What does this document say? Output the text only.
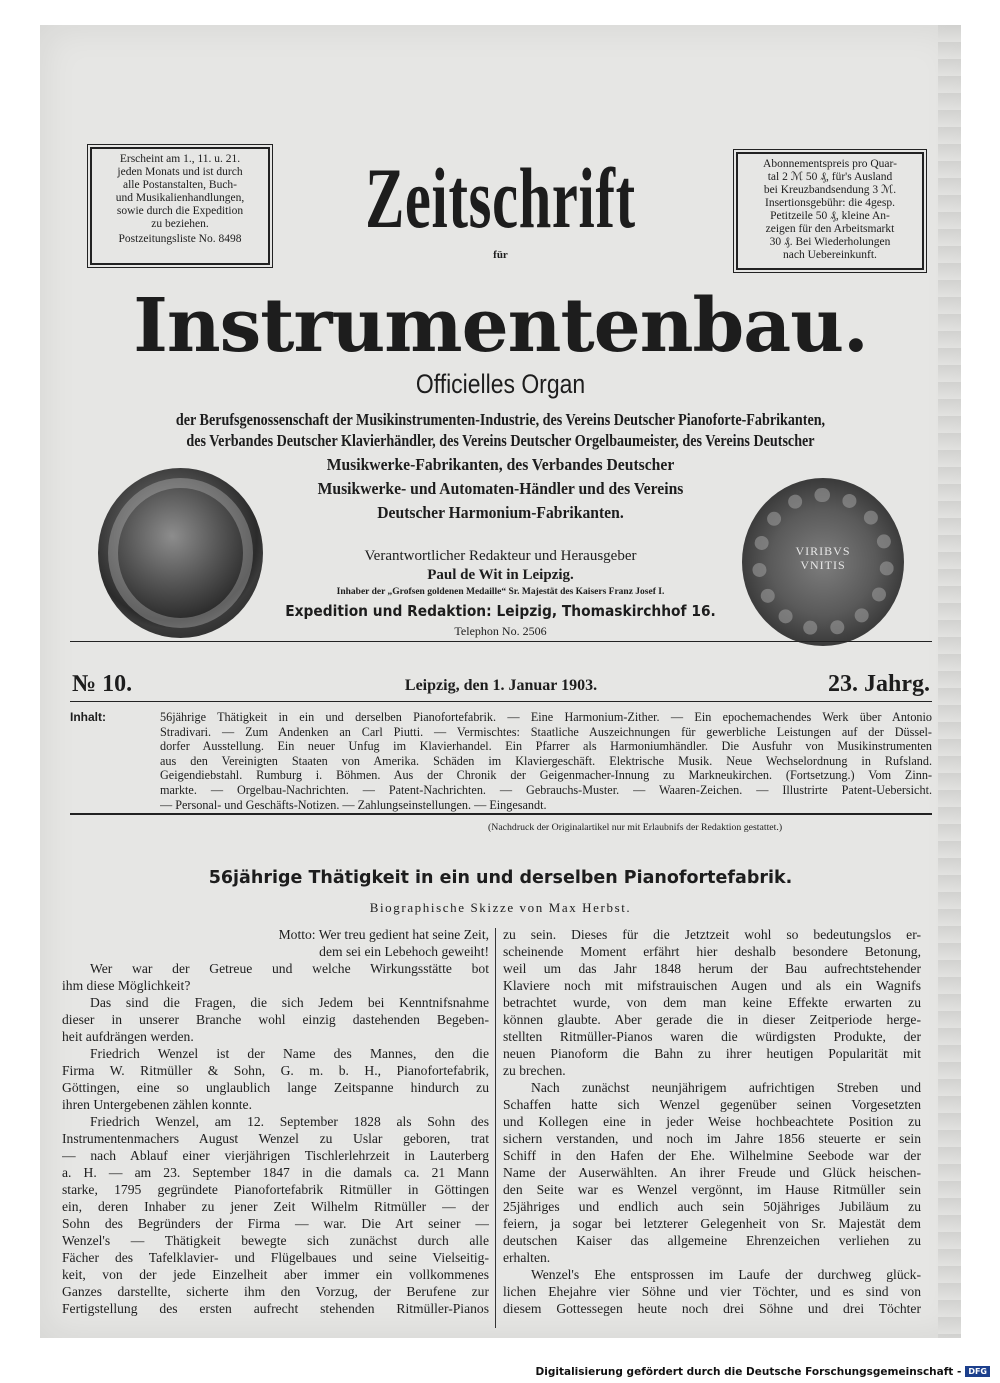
Erscheint am 1., 11. u. 21.
jeden Monats und ist durch
alle Postanstalten, Buch-
und Musikalienhandlungen,
sowie durch die Expedition
zu beziehen.
Postzeitungsliste No. 8498
Abonnementspreis pro Quar-
tal 2 ℳ 50 ₰, für's Ausland
bei Kreuzbandsendung 3 ℳ.
Insertionsgebühr: die 4gesp.
Petitzeile 50 ₰, kleine An-
zeigen für den Arbeitsmarkt
30 ₰. Bei Wiederholungen
nach Uebereinkunft.
Zeitschrift
für
Instrumentenbau.
Officielles Organ
der Berufsgenossenschaft der Musikinstrumenten-Industrie, des Vereins Deutscher Pianoforte-Fabrikanten,
des Verbandes Deutscher Klavierhändler, des Vereins Deutscher Orgelbaumeister, des Vereins Deutscher
Musikwerke-Fabrikanten, des Verbandes Deutscher
Musikwerke- und Automaten-Händler und des Vereins
Deutscher Harmonium-Fabrikanten.
VIRIBVS
VNITIS
Verantwortlicher Redakteur und Herausgeber
Paul de Wit in Leipzig.
Inhaber der „Grofsen goldenen Medaille“ Sr. Majestät des Kaisers Franz Josef I.
Expedition und Redaktion: Leipzig, Thomaskirchhof 16.
Telephon No. 2506
№ 10.	Leipzig, den 1. Januar 1903.	23. Jahrg.
Inhalt:	56jährige Thätigkeit in ein und derselben Pianofortefabrik. — Eine Harmonium-Zither. — Ein epochemachendes Werk über Antonio
Stradivari. — Zum Andenken an Carl Piutti. — Vermischtes: Staatliche Auszeichnungen für gewerbliche Leistungen auf der Düssel-
dorfer Ausstellung. Ein neuer Unfug im Klavierhandel. Ein Pfarrer als Harmoniumhändler. Die Ausfuhr von Musikinstrumenten
aus den Vereinigten Staaten von Amerika. Schäden im Klaviergeschäft. Elektrische Musik. Neue Wechselordnung in Rufsland.
Geigendiebstahl. Rumburg i. Böhmen. Aus der Chronik der Geigenmacher-Innung zu Markneukirchen. (Fortsetzung.) Vom Zinn-
markte. — Orgelbau-Nachrichten. — Patent-Nachrichten. — Gebrauchs-Muster. — Waaren-Zeichen. — Illustrirte Patent-Uebersicht.
— Personal- und Geschäfts-Notizen. — Zahlungseinstellungen. — Eingesandt.
(Nachdruck der Originalartikel nur mit Erlaubnifs der Redaktion gestattet.)
56jährige Thätigkeit in ein und derselben Pianofortefabrik.
Biographische Skizze von Max Herbst.
Motto: Wer treu gedient hat seine Zeit,
dem sei ein Lebehoch geweiht!
Wer war der Getreue und welche Wirkungsstätte bot
ihm diese Möglichkeit?
Das sind die Fragen, die sich Jedem bei Kenntnifsnahme
dieser in unserer Branche wohl einzig dastehenden Begeben-
heit aufdrängen werden.
Friedrich Wenzel ist der Name des Mannes, den die
Firma W. Ritmüller & Sohn, G. m. b. H., Pianofortefabrik,
Göttingen, eine so unglaublich lange Zeitspanne hindurch zu
ihren Untergebenen zählen konnte.
Friedrich Wenzel, am 12. September 1828 als Sohn des
Instrumentenmachers August Wenzel zu Uslar geboren, trat
— nach Ablauf einer vierjährigen Tischlerlehrzeit in Lauterberg
a. H. — am 23. September 1847 in die damals ca. 21 Mann
starke, 1795 gegründete Pianofortefabrik Ritmüller in Göttingen
ein, deren Inhaber zu jener Zeit Wilhelm Ritmüller — der
Sohn des Begründers der Firma — war. Die Art seiner —
Wenzel's — Thätigkeit bewegte sich zunächst durch alle
Fächer des Tafelklavier- und Flügelbaues und seine Vielseitig-
keit, von der jede Einzelheit aber immer ein vollkommenes
Ganzes darstellte, sicherte ihm den Vorzug, der Berufene zur
Fertigstellung des ersten aufrecht stehenden Ritmüller-Pianos
zu sein. Dieses für die Jetztzeit wohl so bedeutungslos er-
scheinende Moment erfährt hier deshalb besondere Betonung,
weil um das Jahr 1848 herum der Bau aufrechtstehender
Klaviere noch mit mifstrauischen Augen und als ein Wagnifs
betrachtet wurde, von dem man keine Effekte erwarten zu
können glaubte. Aber gerade die in dieser Zeitperiode herge-
stellten Ritmüller-Pianos waren die würdigsten Produkte, der
neuen Pianoform die Bahn zu ihrer heutigen Popularität mit
zu brechen.
Nach zunächst neunjährigem aufrichtigen Streben und
Schaffen hatte sich Wenzel gegenüber seinen Vorgesetzten
und Kollegen eine in jeder Weise hochbeachtete Position zu
sichern verstanden, und noch im Jahre 1856 steuerte er sein
Schiff in den Hafen der Ehe. Wilhelmine Seebode war der
Name der Auserwählten. An ihrer Freude und Glück heischen-
den Seite war es Wenzel vergönnt, im Hause Ritmüller sein
25jähriges und endlich auch sein 50jähriges Jubiläum zu
feiern, ja sogar bei letzterer Gelegenheit von Sr. Majestät dem
deutschen Kaiser das allgemeine Ehrenzeichen verliehen zu
erhalten.
Wenzel's Ehe entsprossen im Laufe der durchweg glück-
lichen Ehejahre vier Söhne und vier Töchter, und es sind von
diesem Gottessegen heute noch drei Söhne und drei Töchter
Digitalisierung gefördert durch die Deutsche Forschungsgemeinschaft - DFG
